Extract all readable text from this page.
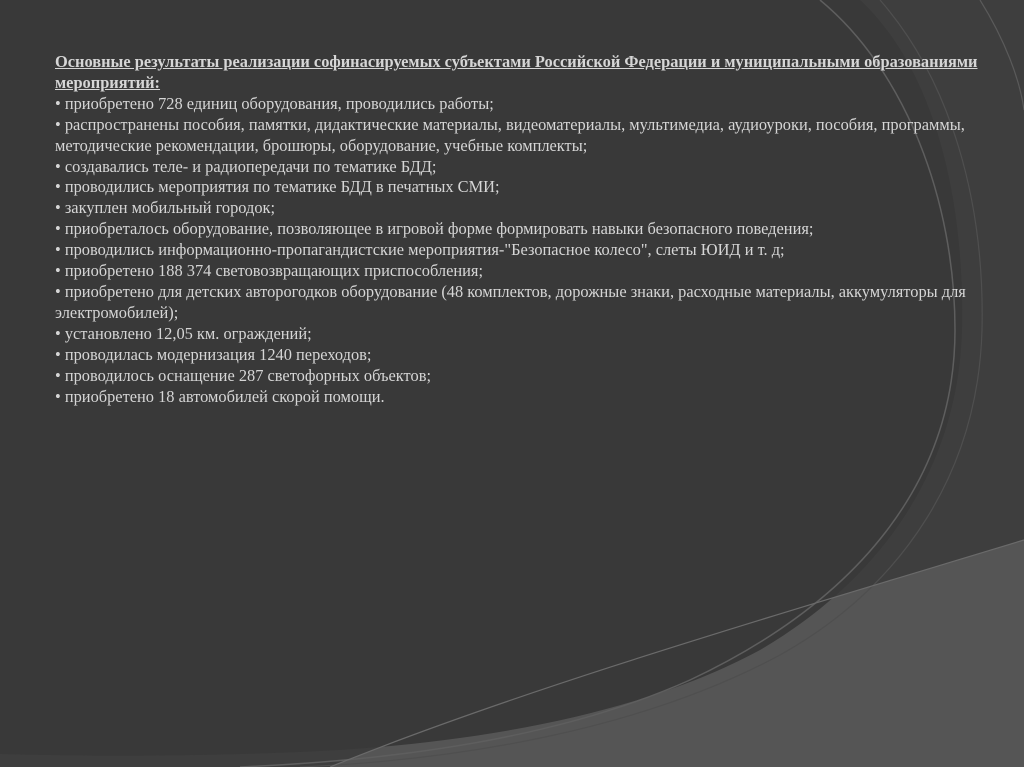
Основные результаты реализации софинасируемых субъектами Российской Федерации и муниципальными образованиями мероприятий:

• приобретено 728 единиц оборудования, проводились работы;
• распространены пособия, памятки, дидактические материалы, видеоматериалы, мультимедиа, аудиоуроки, пособия, программы, методические рекомендации, брошюры, оборудование, учебные комплекты;
• создавались теле- и радиопередачи по тематике БДД;
• проводились мероприятия по тематике БДД в печатных СМИ;
• закуплен мобильный городок;
• приобреталось оборудование, позволяющее в игровой форме формировать навыки безопасного поведения;
• проводились информационно-пропагандистские мероприятия-"Безопасное колесо", слеты ЮИД и т. д;
• приобретено 188 374 световозвращающих приспособления;
• приобретено для детских авторогодков оборудование (48 комплектов, дорожные знаки, расходные материалы, аккумуляторы для электромобилей);
• установлено 12,05 км. ограждений;
• проводилась модернизация 1240 переходов;
• проводилось оснащение 287 светофорных объектов;
• приобретено 18 автомобилей скорой помощи.
